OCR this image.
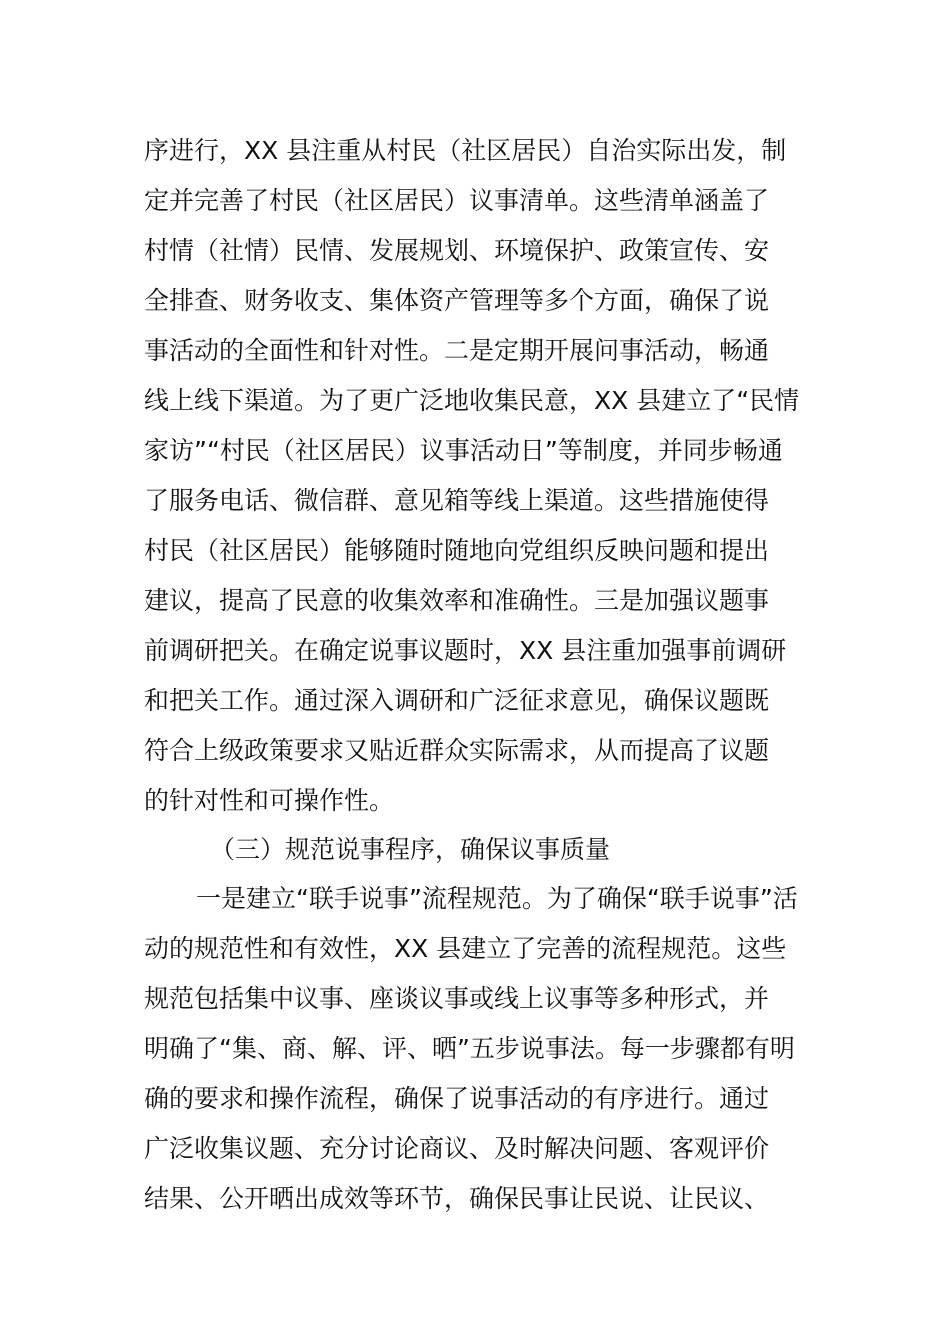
序进行，XX 县注重从村民（社区居民）自治实际出发，制
定并完善了村民（社区居民）议事清单。这些清单涵盖了
村情（社情）民情、发展规划、环境保护、政策宣传、安
全排查、财务收支、集体资产管理等多个方面，确保了说
事活动的全面性和针对性。二是定期开展问事活动，畅通
线上线下渠道。为了更广泛地收集民意，XX 县建立了“民情
家访”“村民（社区居民）议事活动日”等制度，并同步畅通
了服务电话、微信群、意见箱等线上渠道。这些措施使得
村民（社区居民）能够随时随地向党组织反映问题和提出
建议，提高了民意的收集效率和准确性。三是加强议题事
前调研把关。在确定说事议题时，XX 县注重加强事前调研
和把关工作。通过深入调研和广泛征求意见，确保议题既
符合上级政策要求又贴近群众实际需求，从而提高了议题
的针对性和可操作性。
（三）规范说事程序，确保议事质量
一是建立“联手说事”流程规范。为了确保“联手说事”活
动的规范性和有效性，XX 县建立了完善的流程规范。这些
规范包括集中议事、座谈议事或线上议事等多种形式，并
明确了“集、商、解、评、晒”五步说事法。每一步骤都有明
确的要求和操作流程，确保了说事活动的有序进行。通过
广泛收集议题、充分讨论商议、及时解决问题、客观评价
结果、公开晒出成效等环节，确保民事让民说、让民议、
